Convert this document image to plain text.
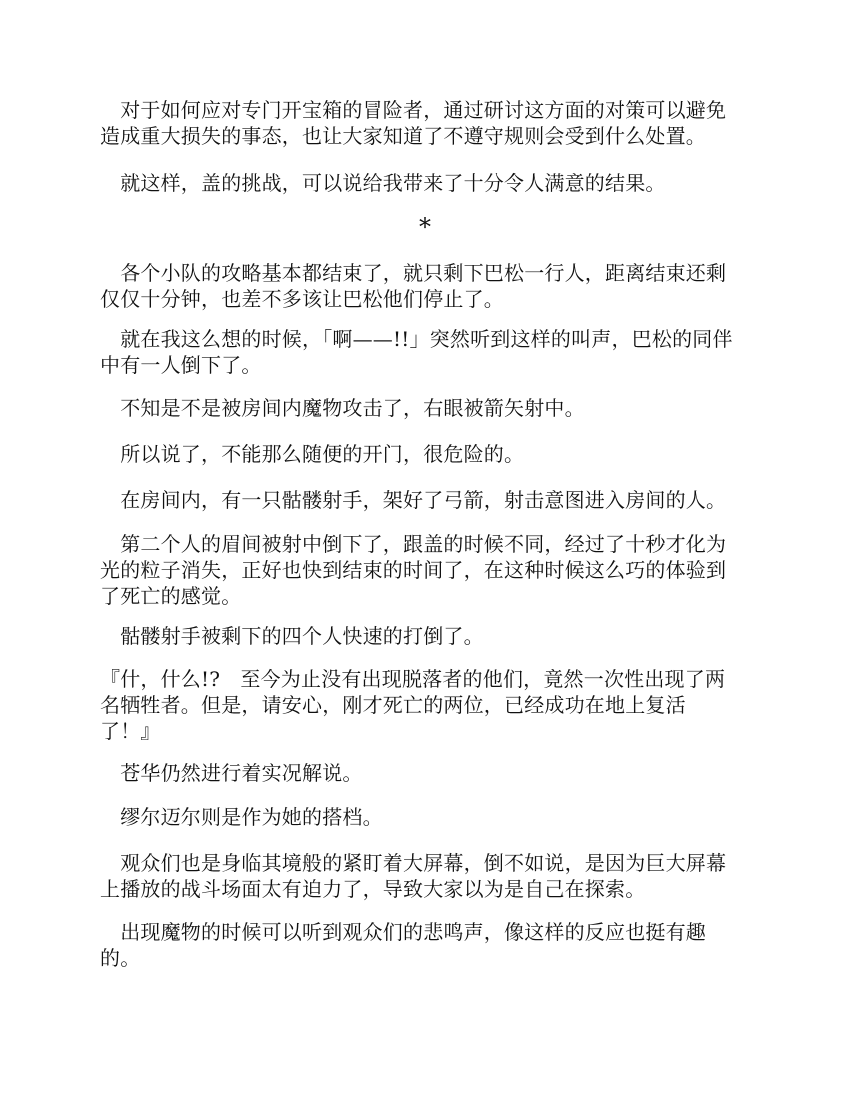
　对于如何应对专门开宝箱的冒险者，通过研讨这方面的对策可以避免
造成重大损失的事态，也让大家知道了不遵守规则会受到什么处置。
　就这样，盖的挑战，可以说给我带来了十分令人满意的结果。
*
　各个小队的攻略基本都结束了，就只剩下巴松一行人，距离结束还剩
仅仅十分钟，也差不多该让巴松他们停止了。
　就在我这么想的时候，「啊——!!」突然听到这样的叫声，巴松的同伴
中有一人倒下了。
　不知是不是被房间内魔物攻击了，右眼被箭矢射中。
　所以说了，不能那么随便的开门，很危险的。
　在房间内，有一只骷髅射手，架好了弓箭，射击意图进入房间的人。
　第二个人的眉间被射中倒下了，跟盖的时候不同，经过了十秒才化为
光的粒子消失，正好也快到结束的时间了，在这种时候这么巧的体验到
了死亡的感觉。
　骷髅射手被剩下的四个人快速的打倒了。
『什，什么!?　至今为止没有出现脱落者的他们，竟然一次性出现了两
名牺牲者。但是，请安心，刚才死亡的两位，已经成功在地上复活
了！』
　苍华仍然进行着实况解说。
　缪尔迈尔则是作为她的搭档。
　观众们也是身临其境般的紧盯着大屏幕，倒不如说，是因为巨大屏幕
上播放的战斗场面太有迫力了，导致大家以为是自己在探索。
　出现魔物的时候可以听到观众们的悲鸣声，像这样的反应也挺有趣
的。
